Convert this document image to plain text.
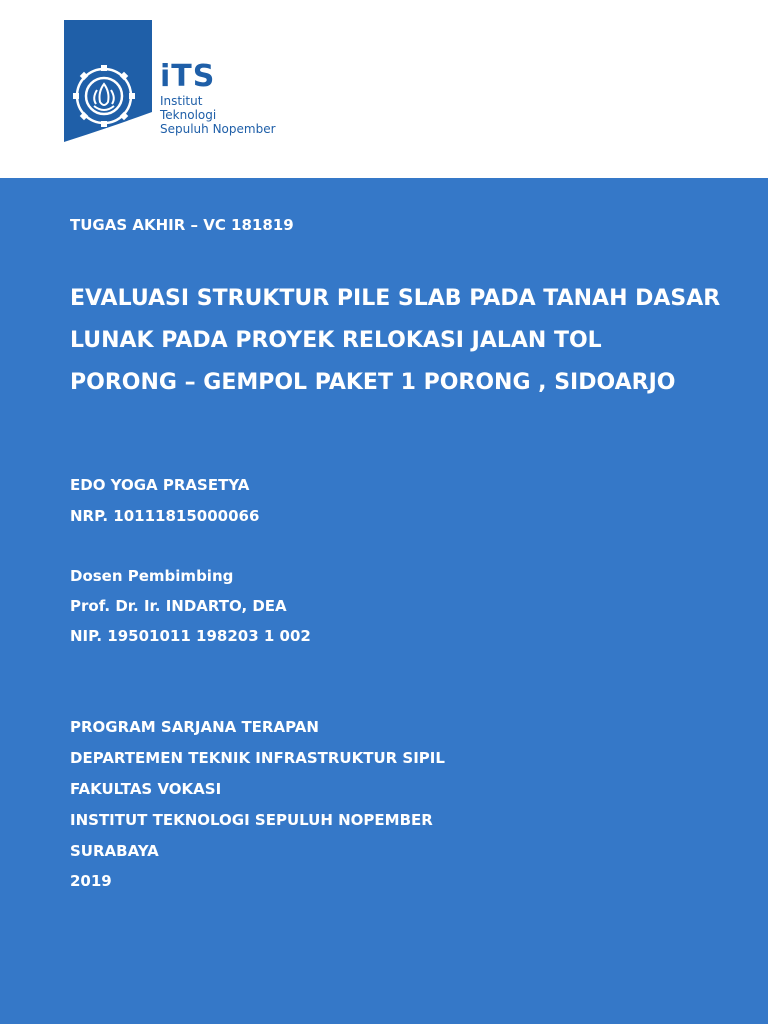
iTS
Institut
Teknologi
Sepuluh Nopember

TUGAS AKHIR – VC 181819

EVALUASI STRUKTUR PILE SLAB PADA TANAH DASAR
LUNAK PADA PROYEK RELOKASI JALAN TOL
PORONG – GEMPOL PAKET 1 PORONG , SIDOARJO

EDO YOGA PRASETYA

NRP. 10111815000066

Dosen Pembimbing

Prof. Dr. Ir. INDARTO, DEA

NIP. 19501011 198203 1 002

PROGRAM SARJANA TERAPAN

DEPARTEMEN TEKNIK INFRASTRUKTUR SIPIL

FAKULTAS VOKASI

INSTITUT TEKNOLOGI SEPULUH NOPEMBER

SURABAYA

2019
